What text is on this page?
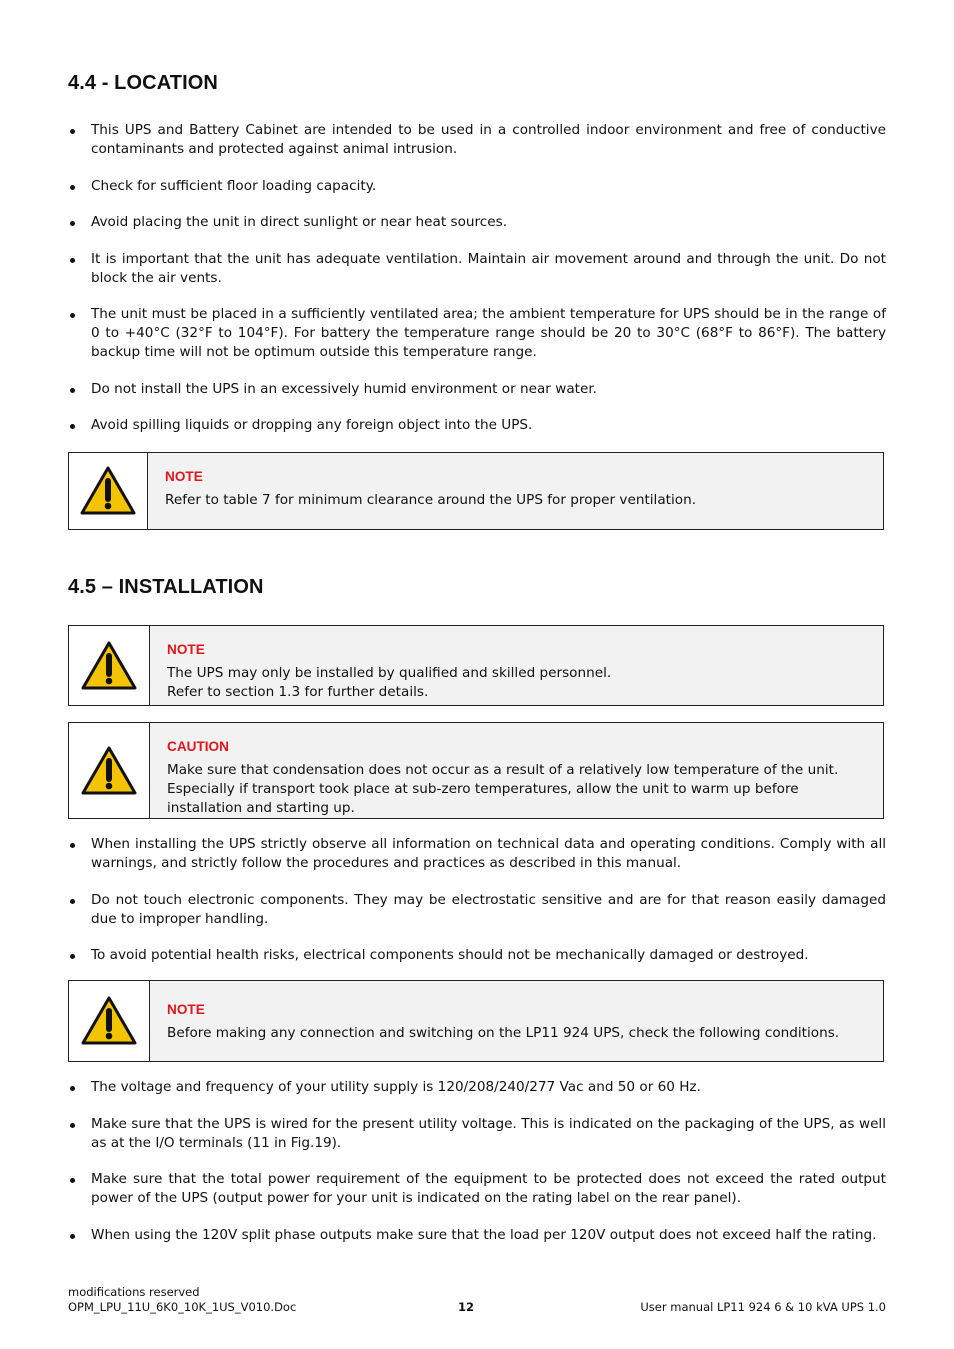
4.4 - LOCATION
This UPS and Battery Cabinet are intended to be used in a controlled indoor environment and free of conductive contaminants and protected against animal intrusion.
Check for sufficient floor loading capacity.
Avoid placing the unit in direct sunlight or near heat sources.
It is important that the unit has adequate ventilation. Maintain air movement around and through the unit. Do not block the air vents.
The unit must be placed in a sufficiently ventilated area; the ambient temperature for UPS should be in the range of 0 to +40°C (32°F to 104°F). For battery the temperature range should be 20 to 30°C (68°F to 86°F). The battery backup time will not be optimum outside this temperature range.
Do not install the UPS in an excessively humid environment or near water.
Avoid spilling liquids or dropping any foreign object into the UPS.
NOTE
Refer to table 7 for minimum clearance around the UPS for proper ventilation.
4.5 – INSTALLATION
NOTE
The UPS may only be installed by qualified and skilled personnel.
Refer to section 1.3 for further details.
CAUTION
Make sure that condensation does not occur as a result of a relatively low temperature of the unit.
Especially if transport took place at sub-zero temperatures, allow the unit to warm up before installation and starting up.
When installing the UPS strictly observe all information on technical data and operating conditions. Comply with all warnings, and strictly follow the procedures and practices as described in this manual.
Do not touch electronic components. They may be electrostatic sensitive and are for that reason easily damaged due to improper handling.
To avoid potential health risks, electrical components should not be mechanically damaged or destroyed.
NOTE
Before making any connection and switching on the LP11 924 UPS, check the following conditions.
The voltage and frequency of your utility supply is 120/208/240/277 Vac and 50 or 60 Hz.
Make sure that the UPS is wired for the present utility voltage. This is indicated on the packaging of the UPS, as well as at the I/O terminals (11 in Fig.19).
Make sure that the total power requirement of the equipment to be protected does not exceed the rated output power of the UPS (output power for your unit is indicated on the rating label on the rear panel).
When using the 120V split phase outputs make sure that the load per 120V output does not exceed half the rating.
modifications reserved
OPM_LPU_11U_6K0_10K_1US_V010.Doc	12	User manual LP11 924 6 & 10 kVA UPS 1.0
